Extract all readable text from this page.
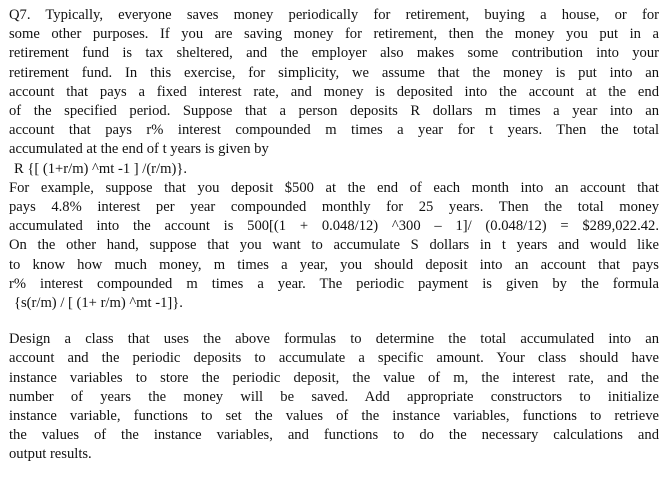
Q7. Typically, everyone saves money periodically for retirement, buying a house, or for
some other purposes. If you are saving money for retirement, then the money you put in a
retirement fund is tax sheltered, and the employer also makes some contribution into your
retirement fund. In this exercise, for simplicity, we assume that the money is put into an
account that pays a fixed interest rate, and money is deposited into the account at the end
of the specified period. Suppose that a person deposits R dollars m times a year into an
account that pays r% interest compounded m times a year for t years. Then the total
accumulated at the end of t years is given by
R {[ (1+r/m) ^mt -1 ] /(r/m)}.
For example, suppose that you deposit $500 at the end of each month into an account that
pays 4.8% interest per year compounded monthly for 25 years. Then the total money
accumulated into the account is 500[(1 + 0.048/12) ^300 – 1]/ (0.048/12) = $289,022.42.
On the other hand, suppose that you want to accumulate S dollars in t years and would like
to know how much money, m times a year, you should deposit into an account that pays
r% interest compounded m times a year. The periodic payment is given by the formula
{s(r/m) / [ (1+ r/m) ^mt -1]}.
Design a class that uses the above formulas to determine the total accumulated into an
account and the periodic deposits to accumulate a specific amount. Your class should have
instance variables to store the periodic deposit, the value of m, the interest rate, and the
number of years the money will be saved. Add appropriate constructors to initialize
instance variable, functions to set the values of the instance variables, functions to retrieve
the values of the instance variables, and functions to do the necessary calculations and
output results.
